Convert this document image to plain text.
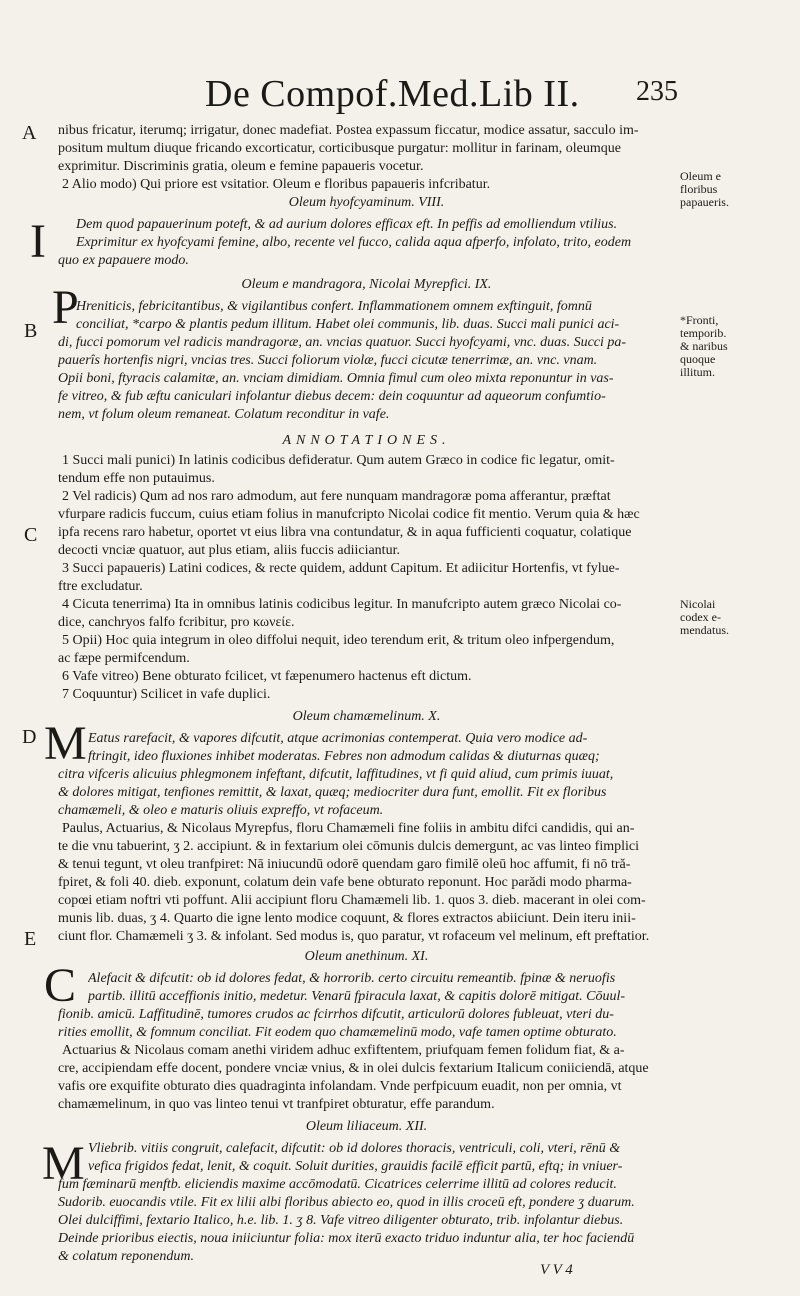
De Compof.Med.Lib II. 235
A
B
C
D
E
Oleum e
floribus
papaueris.
*Fronti,
temporib.
& naribus
quoque
illitum.
Nicolai
codex e-
mendatus.
I
P
M
C
M
nibus fricatur, iterumq; irrigatur, donec madefiat. Postea expassum ficcatur, modice assatur, sacculo im-
positum multum diuque fricando excorticatur, corticibusque purgatur: mollitur in farinam, oleumque
exprimitur. Discriminis gratia, oleum e femine papaueris vocetur.
2 Alio modo) Qui priore est vsitatior. Oleum e floribus papaueris infcribatur.
Oleum hyofcyaminum. VIII.
Dem quod papauerinum poteft, & ad aurium dolores efficax eft. In peffis ad emolliendum vtilius.
Exprimitur ex hyofcyami femine, albo, recente vel fucco, calida aqua afperfo, infolato, trito, eodem
quo ex papauere modo.
Oleum e mandragora, Nicolai Myrepfici. IX.
Hreniticis, febricitantibus, & vigilantibus confert. Inflammationem omnem exftinguit, fomnū
conciliat, *carpo & plantis pedum illitum. Habet olei communis, lib. duas. Succi mali punici aci-
di, fucci pomorum vel radicis mandragoræ, an. vncias quatuor. Succi hyofcyami, vnc. duas. Succi pa-
pauerîs hortenfis nigri, vncias tres. Succi foliorum violæ, fucci cicutæ tenerrimæ, an. vnc. vnam.
Opii boni, ftyracis calamitæ, an. vnciam dimidiam. Omnia fimul cum oleo mixta reponuntur in vas-
fe vitreo, & fub æftu caniculari infolantur diebus decem: dein coquuntur ad aqueorum confumtio-
nem, vt folum oleum remaneat. Colatum reconditur in vafe.
ANNOTATIONES.
1 Succi mali punici) In latinis codicibus defideratur. Qum autem Græco in codice fic legatur, omit-
tendum effe non putauimus.
2 Vel radicis) Qum ad nos raro admodum, aut fere nunquam mandragoræ poma afferantur, præftat
vfurpare radicis fuccum, cuius etiam folius in manufcripto Nicolai codice fit mentio. Verum quia & hæc
ipfa recens raro habetur, oportet vt eius libra vna contundatur, & in aqua fufficienti coquatur, colatique
decocti vnciæ quatuor, aut plus etiam, aliis fuccis adiiciantur.
3 Succi papaueris) Latini codices, & recte quidem, addunt Capitum. Et adiicitur Hortenfis, vt fylue-
ftre excludatur.
4 Cicuta tenerrima) Ita in omnibus latinis codicibus legitur. In manufcripto autem græco Nicolai co-
dice, canchryos falfo fcribitur, pro κωνείε.
5 Opii) Hoc quia integrum in oleo diffolui nequit, ideo terendum erit, & tritum oleo infpergendum,
ac fæpe permifcendum.
6 Vafe vitreo) Bene obturato fcilicet, vt fæpenumero hactenus eft dictum.
7 Coquuntur) Scilicet in vafe duplici.
Oleum chamæmelinum. X.
Eatus rarefacit, & vapores difcutit, atque acrimonias contemperat. Quia vero modice ad-
ftringit, ideo fluxiones inhibet moderatas. Febres non admodum calidas & diuturnas quæq;
citra vifceris alicuius phlegmonem infeftant, difcutit, laffitudines, vt fi quid aliud, cum primis iuuat,
& dolores mitigat, tenfiones remittit, & laxat, quæq; mediocriter dura funt, emollit. Fit ex floribus
chamæmeli, & oleo e maturis oliuis expreffo, vt rofaceum.
Paulus, Actuarius, & Nicolaus Myrepfus, floru Chamæmeli fine foliis in ambitu difci candidis, qui an-
te die vnu tabuerint, ʒ 2. accipiunt. & in fextarium olei cōmunis dulcis demergunt, ac vas linteo fimplici
& tenui tegunt, vt oleu tranfpiret: Nā iniucundū odorē quendam garo fimilē oleū hoc affumit, fi nō tră-
fpiret, & foli 40. dieb. exponunt, colatum dein vafe bene obturato reponunt. Hoc parădi modo pharma-
copœi etiam noftri vti poffunt. Alii accipiunt floru Chamæmeli lib. 1. quos 3. dieb. macerant in olei com-
munis lib. duas, ʒ 4. Quarto die igne lento modice coquunt, & flores extractos abiiciunt. Dein iteru inii-
ciunt flor. Chamæmeli ʒ 3. & infolant. Sed modus is, quo paratur, vt rofaceum vel melinum, eft preftatior.
Oleum anethinum. XI.
Alefacit & difcutit: ob id dolores fedat, & horrorib. certo circuitu remeantib. fpinæ & neruofis
partib. illitū acceffionis initio, medetur. Venarū fpiracula laxat, & capitis dolorē mitigat. Cōuul-
fionib. amicū. Laffitudinē, tumores crudos ac fcirrhos difcutit, articulorū dolores fubleuat, vteri du-
rities emollit, & fomnum conciliat. Fit eodem quo chamæmelinū modo, vafe tamen optime obturato.
Actuarius & Nicolaus comam anethi viridem adhuc exfiftentem, priufquam femen folidum fiat, & a-
cre, accipiendam effe docent, pondere vnciæ vnius, & in olei dulcis fextarium Italicum coniiciendā, atque
vafis ore exquifite obturato dies quadraginta infolandam. Vnde perfpicuum euadit, non per omnia, vt
chamæmelinum, in quo vas linteo tenui vt tranfpiret obturatur, effe parandum.
Oleum liliaceum. XII.
Vliebrib. vitiis congruit, calefacit, difcutit: ob id dolores thoracis, ventriculi, coli, vteri, rēnū &
vefica frigidos fedat, lenit, & coquit. Soluit durities, grauidis facilē efficit partū, eftq; in vniuer-
fum fæminarū menftb. eliciendis maxime accōmodatū. Cicatrices celerrime illitū ad colores reducit.
Sudorib. euocandis vtile. Fit ex lilii albi floribus abiecto eo, quod in illis croceū eft, pondere ʒ duarum.
Olei dulciffimi, fextario Italico, h.e. lib. 1. ʒ 8. Vafe vitreo diligenter obturato, trib. infolantur diebus.
Deinde prioribus eiectis, noua iniiciuntur folia: mox iterū exacto triduo induntur alia, ter hoc faciendū
& colatum reponendum.
V V 4
